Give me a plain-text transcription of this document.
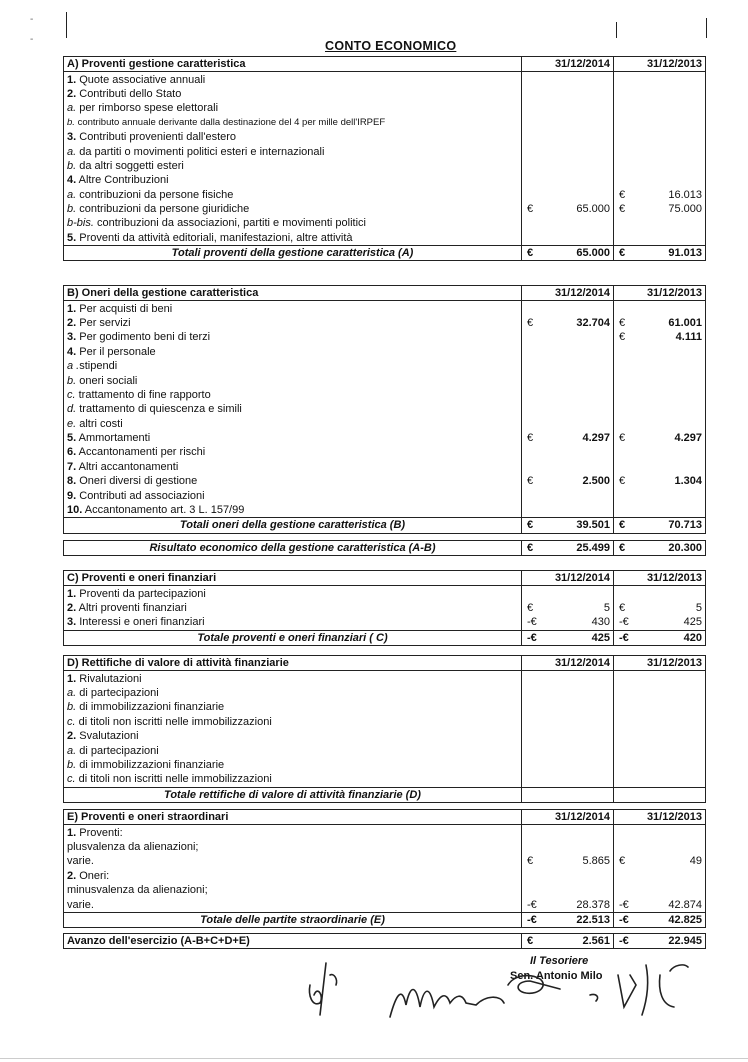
-
-	CONTO ECONOMICO
A) Proventi gestione caratteristica	31/12/2014	31/12/2013
1. Quote associative annuali	

2. Contributi dello Stato	

a. per rimborso spese elettorali	

b. contributo annuale derivante dalla destinazione del 4 per mille dell'IRPEF	

3. Contributi provenienti dall'estero	

a. da partiti o movimenti politici esteri e internazionali	

b. da altri soggetti esteri	

4. Altre Contribuzioni	

a. contribuzioni da persone fisiche		€ 16.013

b. contribuzioni da persone giuridiche	€ 65.000	€ 75.000

b-bis. contribuzioni da associazioni, partiti e movimenti politici	

5. Proventi da attività editoriali, manifestazioni, altre attività	

Totali proventi della gestione caratteristica (A)	€ 65.000	€ 91.013
B) Oneri della gestione caratteristica	31/12/2014	31/12/2013
1. Per acquisti di beni	

2. Per servizi	€ 32.704	€ 61.001

3. Per godimento beni di terzi		€ 4.111

4. Per il personale	

a .stipendi	

b. oneri sociali	

c. trattamento di fine rapporto	

d. trattamento di quiescenza e simili	

e. altri costi	

5. Ammortamenti	€ 4.297	€ 4.297

6. Accantonamenti per rischi	

7. Altri accantonamenti	

8. Oneri diversi di gestione	€ 2.500	€ 1.304

9. Contributi ad associazioni	

10. Accantonamento art. 3 L. 157/99	

Totali oneri della gestione caratteristica (B)	€ 39.501	€ 70.713
Risultato economico della gestione caratteristica (A-B)	€	25.499	€	20.300
C) Proventi e oneri finanziari	31/12/2014	31/12/2013
1. Proventi da partecipazioni	

2. Altri proventi finanziari	€ 5	€ 5

3. Interessi e oneri finanziari	-€ 430	-€ 425

Totale proventi e oneri finanziari ( C)	-€ 425	-€ 420
D) Rettifiche di valore di attività finanziarie	31/12/2014	31/12/2013
1. Rivalutazioni	

a. di partecipazioni	

b. di immobilizzazioni finanziarie	

c. di titoli non iscritti nelle immobilizzazioni	

2. Svalutazioni	

a. di partecipazioni	

b. di immobilizzazioni finanziarie	

c. di titoli non iscritti nelle immobilizzazioni	

Totale rettifiche di valore di attività finanziarie (D)		
E) Proventi e oneri straordinari	31/12/2014	31/12/2013
1. Proventi:	

plusvalenza da alienazioni;	

varie.	€ 5.865	€ 49

2. Oneri:	

minusvalenza da alienazioni;	

varie.	-€ 28.378	-€ 42.874

Totale delle partite straordinarie (E)	-€ 22.513	-€ 42.825
Avanzo dell'esercizio (A-B+C+D+E)	€	2.561	-€	22.945
Il Tesoriere
Sen. Antonio Milo
